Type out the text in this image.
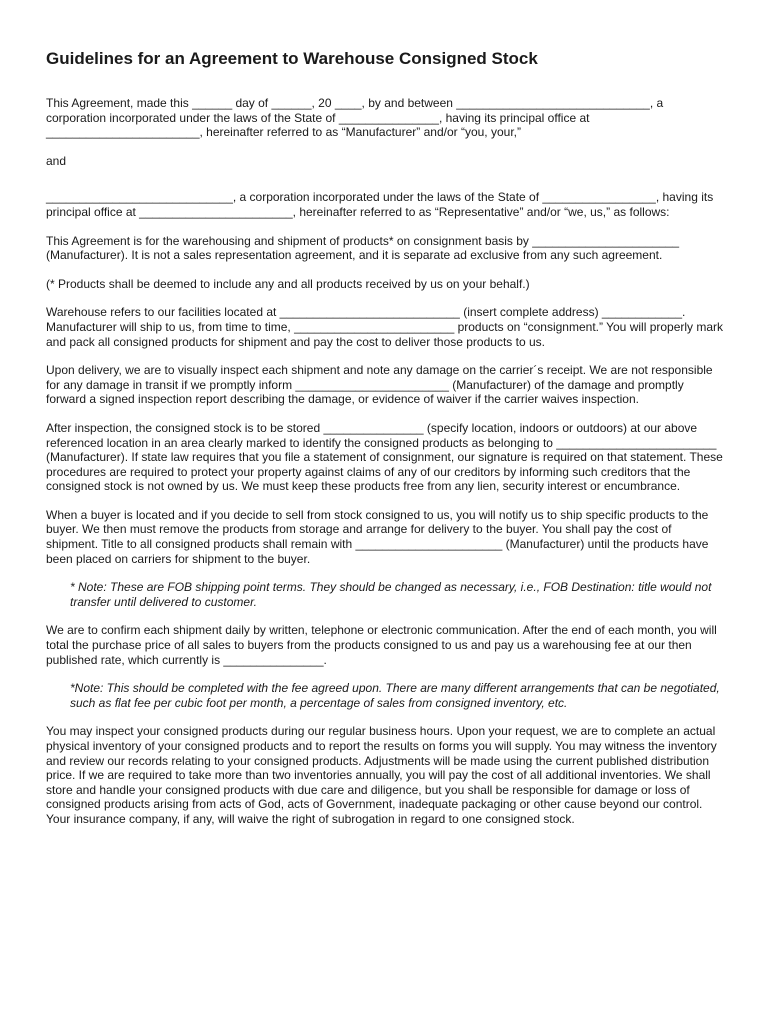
Guidelines for an Agreement to Warehouse Consigned Stock

This Agreement, made this ______ day of ______, 20 ____, by and between _____________________________, a corporation incorporated under the laws of the State of _______________, having its principal office at _______________________, hereinafter referred to as “Manufacturer” and/or “you, your,”

and

____________________________, a corporation incorporated under the laws of the State of _________________, having its principal office at _______________________, hereinafter referred to as “Representative” and/or “we, us,” as follows:

This Agreement is for the warehousing and shipment of products* on consignment basis by ______________________ (Manufacturer). It is not a sales representation agreement, and it is separate ad exclusive from any such agreement.

(* Products shall be deemed to include any and all products received by us on your behalf.)

Warehouse refers to our facilities located at ___________________________ (insert complete address) ____________. Manufacturer will ship to us, from time to time, ________________________ products on “consignment.” You will properly mark and pack all consigned products for shipment and pay the cost to deliver those products to us.

Upon delivery, we are to visually inspect each shipment and note any damage on the carrier´s receipt. We are not responsible for any damage in transit if we promptly inform _______________________ (Manufacturer) of the damage and promptly forward a signed inspection report describing the damage, or evidence of waiver if the carrier waives inspection.

After inspection, the consigned stock is to be stored _______________ (specify location, indoors or outdoors) at our above referenced location in an area clearly marked to identify the consigned products as belonging to ________________________ (Manufacturer). If state law requires that you file a statement of consignment, our signature is required on that statement. These procedures are required to protect your property against claims of any of our creditors by informing such creditors that the consigned stock is not owned by us. We must keep these products free from any lien, security interest or encumbrance.

When a buyer is located and if you decide to sell from stock consigned to us, you will notify us to ship specific products to the buyer. We then must remove the products from storage and arrange for delivery to the buyer. You shall pay the cost of shipment. Title to all consigned products shall remain with ______________________ (Manufacturer) until the products have been placed on carriers for shipment to the buyer.

* Note: These are FOB shipping point terms. They should be changed as necessary, i.e., FOB Destination: title would not transfer until delivered to customer.

We are to confirm each shipment daily by written, telephone or electronic communication. After the end of each month, you will total the purchase price of all sales to buyers from the products consigned to us and pay us a warehousing fee at our then published rate, which currently is _______________.

*Note: This should be completed with the fee agreed upon. There are many different arrangements that can be negotiated, such as flat fee per cubic foot per month, a percentage of sales from consigned inventory, etc.

You may inspect your consigned products during our regular business hours. Upon your request, we are to complete an actual physical inventory of your consigned products and to report the results on forms you will supply. You may witness the inventory and review our records relating to your consigned products. Adjustments will be made using the current published distribution price. If we are required to take more than two inventories annually, you will pay the cost of all additional inventories. We shall store and handle your consigned products with due care and diligence, but you shall be responsible for damage or loss of consigned products arising from acts of God, acts of Government, inadequate packaging or other cause beyond our control. Your insurance company, if any, will waive the right of subrogation in regard to one consigned stock.
